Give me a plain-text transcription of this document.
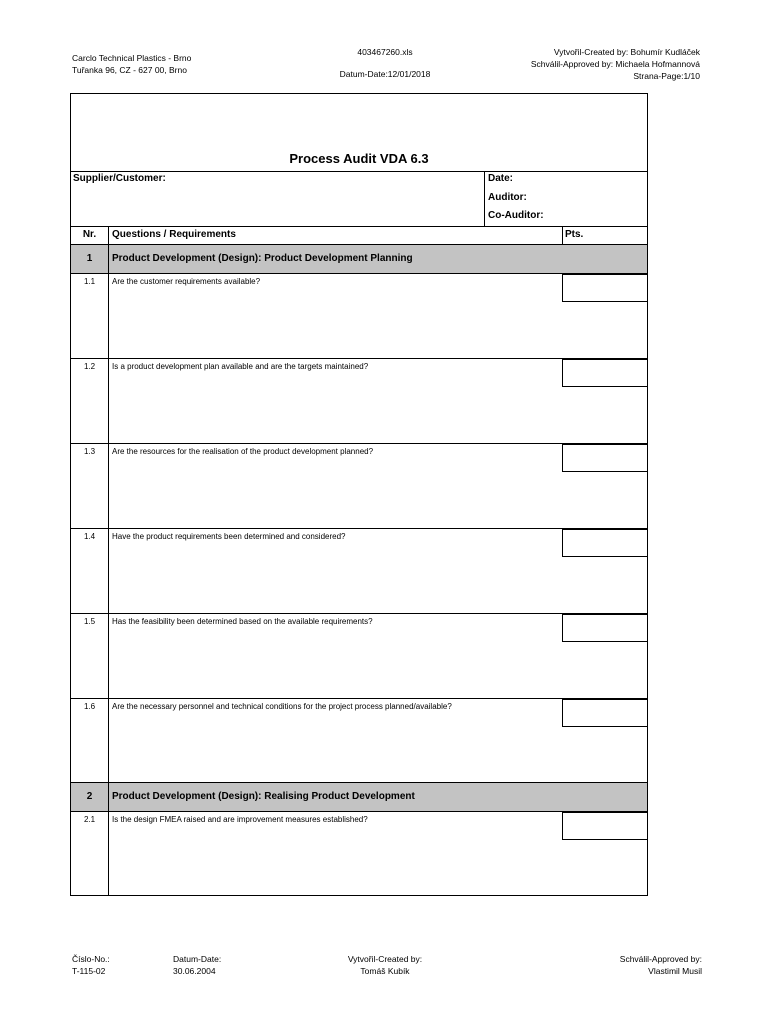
Carclo Technical Plastics - Brno
Tuřanka 96, CZ - 627 00, Brno
403467260.xls
Datum-Date:12/01/2018
Vytvořil-Created by: Bohumír Kudláček
Schválil-Approved by: Michaela Hofmannová
Strana-Page:1/10
Process Audit VDA 6.3
Supplier/Customer:	Date:
Auditor:
Co-Auditor:
Nr.	Questions / Requirements	Pts.
1	Product Development (Design): Product Development Planning
1.1	Are the customer requirements available?
1.2	Is a product development plan available and are the targets maintained?
1.3	Are the resources for the realisation of the product development planned?
1.4	Have the product requirements been determined and considered?
1.5	Has the feasibility been determined based on the available requirements?
1.6	Are the necessary personnel and technical conditions for the project process planned/available?
2	Product Development (Design): Realising Product Development
2.1	Is the design FMEA raised and are improvement measures established?
Číslo-No.:
T-115-02
Datum-Date:
30.06.2004
Vytvořil-Created by:
Tomáš Kubík
Schválil-Approved by:
Vlastimil Musil
